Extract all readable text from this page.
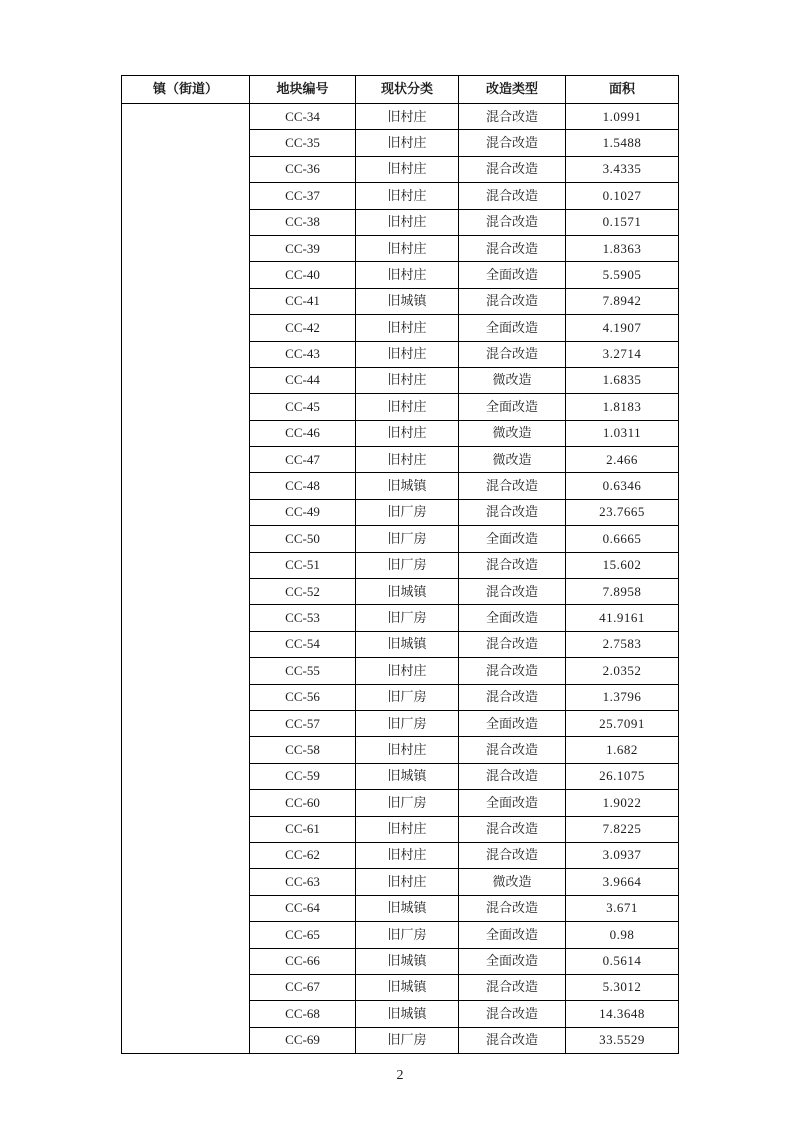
镇（街道）	地块编号	现状分类	改造类型	面积
	CC-34	旧村庄	混合改造	1.0991
	CC-35	旧村庄	混合改造	1.5488
	CC-36	旧村庄	混合改造	3.4335
	CC-37	旧村庄	混合改造	0.1027
	CC-38	旧村庄	混合改造	0.1571
	CC-39	旧村庄	混合改造	1.8363
	CC-40	旧村庄	全面改造	5.5905
	CC-41	旧城镇	混合改造	7.8942
	CC-42	旧村庄	全面改造	4.1907
	CC-43	旧村庄	混合改造	3.2714
	CC-44	旧村庄	微改造	1.6835
	CC-45	旧村庄	全面改造	1.8183
	CC-46	旧村庄	微改造	1.0311
	CC-47	旧村庄	微改造	2.466
	CC-48	旧城镇	混合改造	0.6346
	CC-49	旧厂房	混合改造	23.7665
	CC-50	旧厂房	全面改造	0.6665
	CC-51	旧厂房	混合改造	15.602
	CC-52	旧城镇	混合改造	7.8958
	CC-53	旧厂房	全面改造	41.9161
	CC-54	旧城镇	混合改造	2.7583
	CC-55	旧村庄	混合改造	2.0352
	CC-56	旧厂房	混合改造	1.3796
	CC-57	旧厂房	全面改造	25.7091
	CC-58	旧村庄	混合改造	1.682
	CC-59	旧城镇	混合改造	26.1075
	CC-60	旧厂房	全面改造	1.9022
	CC-61	旧村庄	混合改造	7.8225
	CC-62	旧村庄	混合改造	3.0937
	CC-63	旧村庄	微改造	3.9664
	CC-64	旧城镇	混合改造	3.671
	CC-65	旧厂房	全面改造	0.98
	CC-66	旧城镇	全面改造	0.5614
	CC-67	旧城镇	混合改造	5.3012
	CC-68	旧城镇	混合改造	14.3648
	CC-69	旧厂房	混合改造	33.5529
2
